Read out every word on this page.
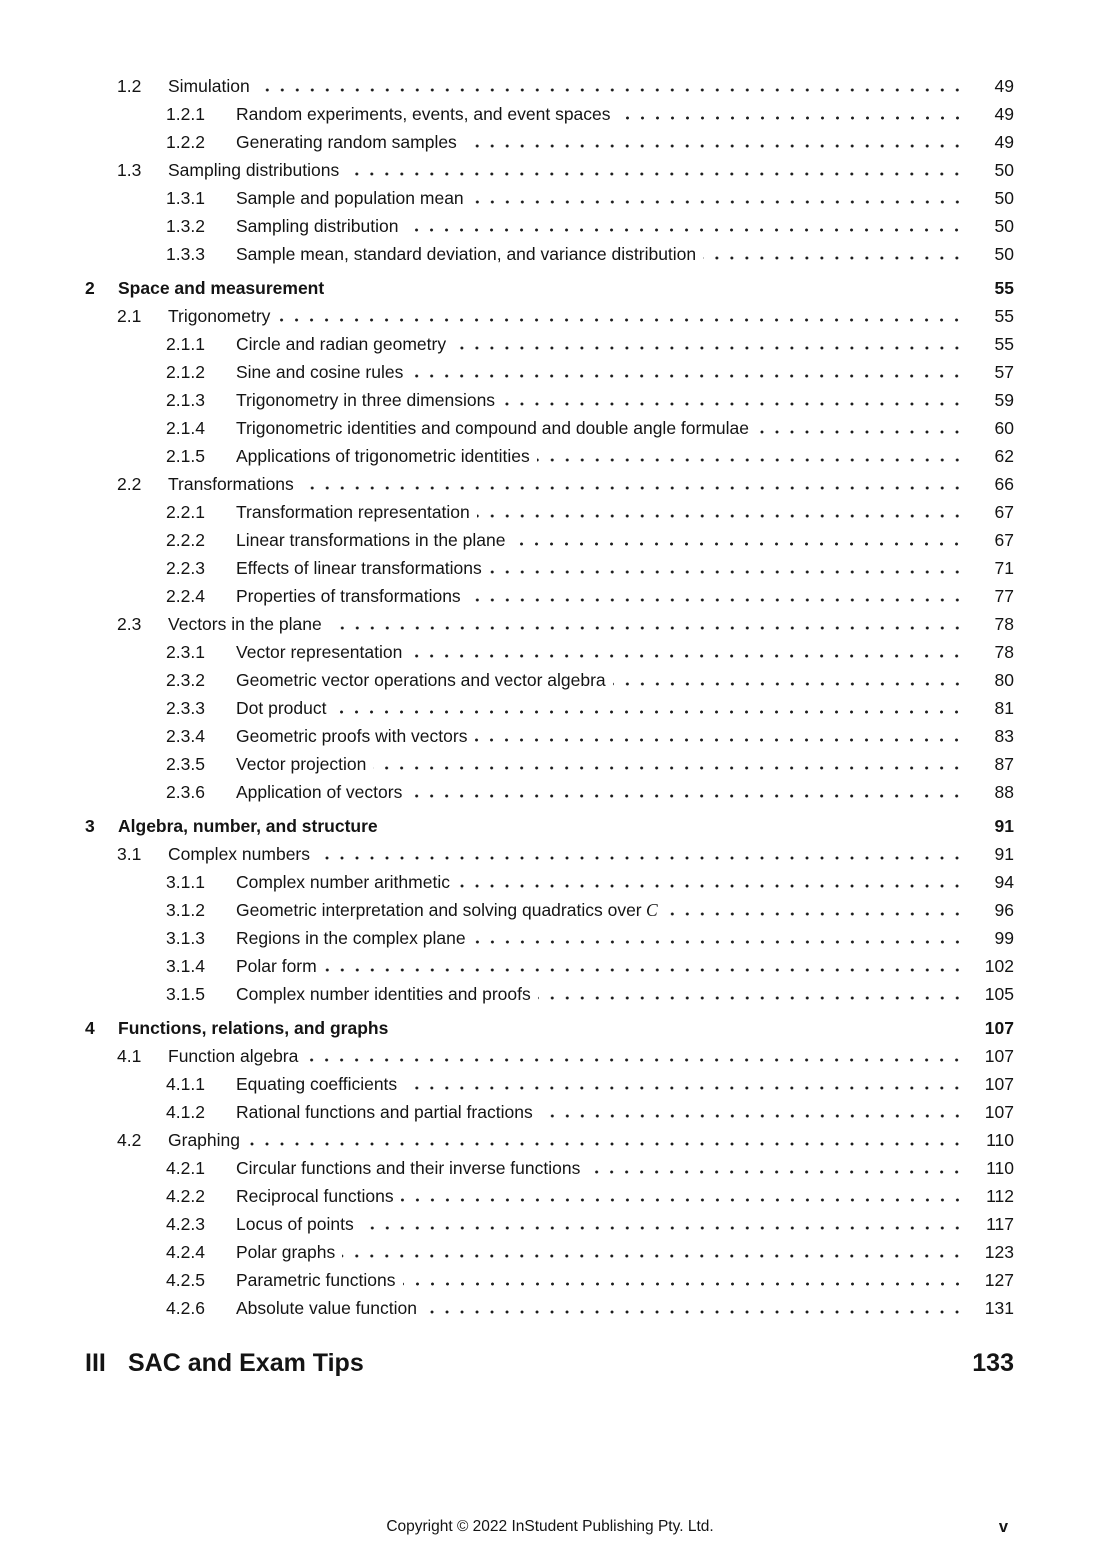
1.2	Simulation	49
1.2.1	Random experiments, events, and event spaces	49
1.2.2	Generating random samples	49
1.3	Sampling distributions	50
1.3.1	Sample and population mean	50
1.3.2	Sampling distribution	50
1.3.3	Sample mean, standard deviation, and variance distribution	50
2	Space and measurement	55
2.1	Trigonometry	55
2.1.1	Circle and radian geometry	55
2.1.2	Sine and cosine rules	57
2.1.3	Trigonometry in three dimensions	59
2.1.4	Trigonometric identities and compound and double angle formulae	60
2.1.5	Applications of trigonometric identities	62
2.2	Transformations	66
2.2.1	Transformation representation	67
2.2.2	Linear transformations in the plane	67
2.2.3	Effects of linear transformations	71
2.2.4	Properties of transformations	77
2.3	Vectors in the plane	78
2.3.1	Vector representation	78
2.3.2	Geometric vector operations and vector algebra	80
2.3.3	Dot product	81
2.3.4	Geometric proofs with vectors	83
2.3.5	Vector projection	87
2.3.6	Application of vectors	88
3	Algebra, number, and structure	91
3.1	Complex numbers	91
3.1.1	Complex number arithmetic	94
3.1.2	Geometric interpretation and solving quadratics over C	96
3.1.3	Regions in the complex plane	99
3.1.4	Polar form	102
3.1.5	Complex number identities and proofs	105
4	Functions, relations, and graphs	107
4.1	Function algebra	107
4.1.1	Equating coefficients	107
4.1.2	Rational functions and partial fractions	107
4.2	Graphing	110
4.2.1	Circular functions and their inverse functions	110
4.2.2	Reciprocal functions	112
4.2.3	Locus of points	117
4.2.4	Polar graphs	123
4.2.5	Parametric functions	127
4.2.6	Absolute value function	131
III SAC and Exam Tips	133
Copyright © 2022 InStudent Publishing Pty. Ltd.	v
